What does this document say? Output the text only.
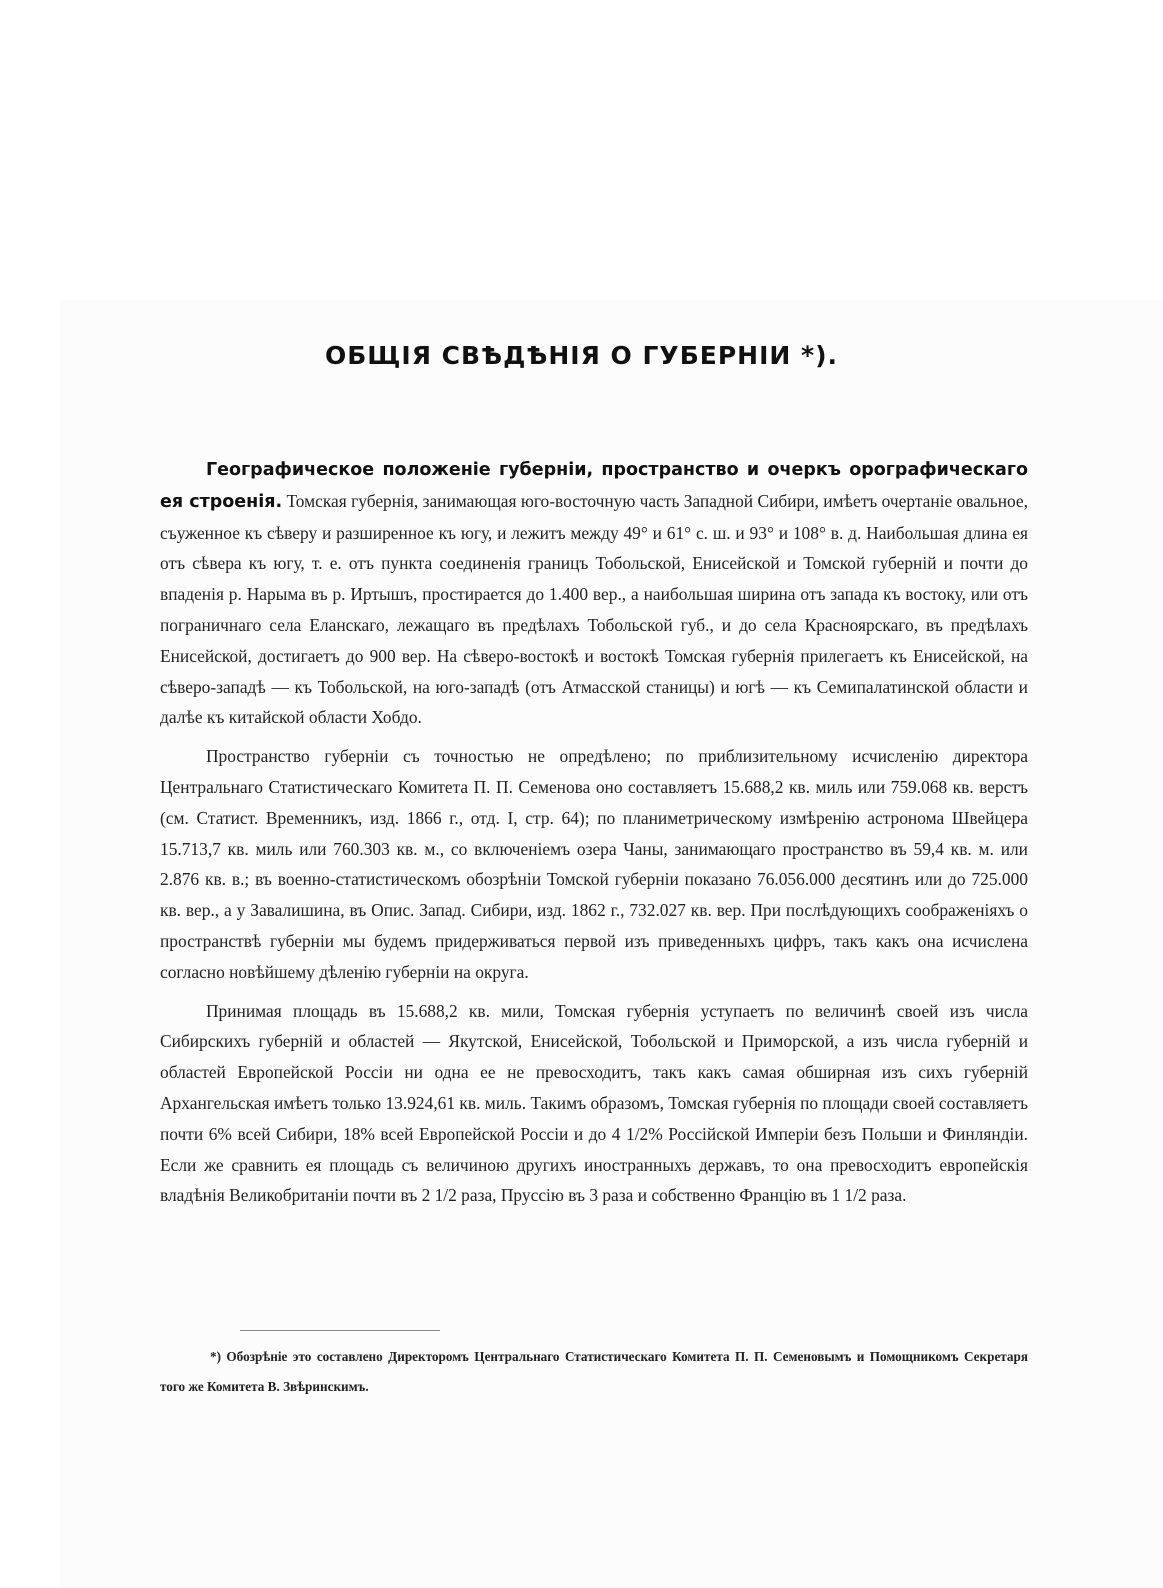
ОБЩІЯ СВѢДѢНІЯ О ГУБЕРНІИ *).

Географическое положеніе губерніи, пространство и очеркъ орографическаго ея строенія. Томская губернія, занимающая юго-восточную часть Западной Сибири, имѣетъ очертаніе овальное, съуженное къ сѣверу и разширенное къ югу, и лежитъ между 49° и 61° с. ш. и 93° и 108° в. д. Наибольшая длина ея отъ сѣвера къ югу, т. е. отъ пункта соединенія границъ Тобольской, Енисейской и Томской губерній и почти до впаденія р. Нарыма въ р. Иртышъ, простирается до 1.400 вер., а наибольшая ширина отъ запада къ востоку, или отъ пограничнаго села Еланскаго, лежащаго въ предѣлахъ Тобольской губ., и до села Красноярскаго, въ предѣлахъ Енисейской, достигаетъ до 900 вер. На сѣверо-востокѣ и востокѣ Томская губернія прилегаетъ къ Енисейской, на сѣверо-западѣ — къ Тобольской, на юго-западѣ (отъ Атмасской станицы) и югѣ — къ Семипалатинской области и далѣе къ китайской области Хобдо.

Пространство губерніи съ точностью не опредѣлено; по приблизительному исчисленію директора Центральнаго Статистическаго Комитета П. П. Семенова оно составляетъ 15.688,2 кв. миль или 759.068 кв. верстъ (см. Статист. Временникъ, изд. 1866 г., отд. I, стр. 64); по планиметрическому измѣренію астронома Швейцера 15.713,7 кв. миль или 760.303 кв. м., со включеніемъ озера Чаны, занимающаго пространство въ 59,4 кв. м. или 2.876 кв. в.; въ военно-статистическомъ обозрѣніи Томской губерніи показано 76.056.000 десятинъ или до 725.000 кв. вер., а у Завалишина, въ Опис. Запад. Сибири, изд. 1862 г., 732.027 кв. вер. При послѣдующихъ соображеніяхъ о пространствѣ губерніи мы будемъ придерживаться первой изъ приведенныхъ цифръ, такъ какъ она исчислена согласно новѣйшему дѣленію губерніи на округа.

Принимая площадь въ 15.688,2 кв. мили, Томская губернія уступаетъ по величинѣ своей изъ числа Сибирскихъ губерній и областей — Якутской, Енисейской, Тобольской и Приморской, а изъ числа губерній и областей Европейской Россіи ни одна ее не превосходитъ, такъ какъ самая обширная изъ сихъ губерній Архангельская имѣетъ только 13.924,61 кв. миль. Такимъ образомъ, Томская губернія по площади своей составляетъ почти 6% всей Сибири, 18% всей Европейской Россіи и до 4 1/2% Россійской Имперіи безъ Польши и Финляндіи. Если же сравнить ея площадь съ величиною другихъ иностранныхъ державъ, то она превосходитъ европейскія владѣнія Великобританіи почти въ 2 1/2 раза, Пруссію въ 3 раза и собственно Францію въ 1 1/2 раза.

*) Обозрѣніе это составлено Директоромъ Центральнаго Статистическаго Комитета П. П. Семеновымъ и Помощникомъ Секретаря того же Комитета В. Звѣринскимъ.
